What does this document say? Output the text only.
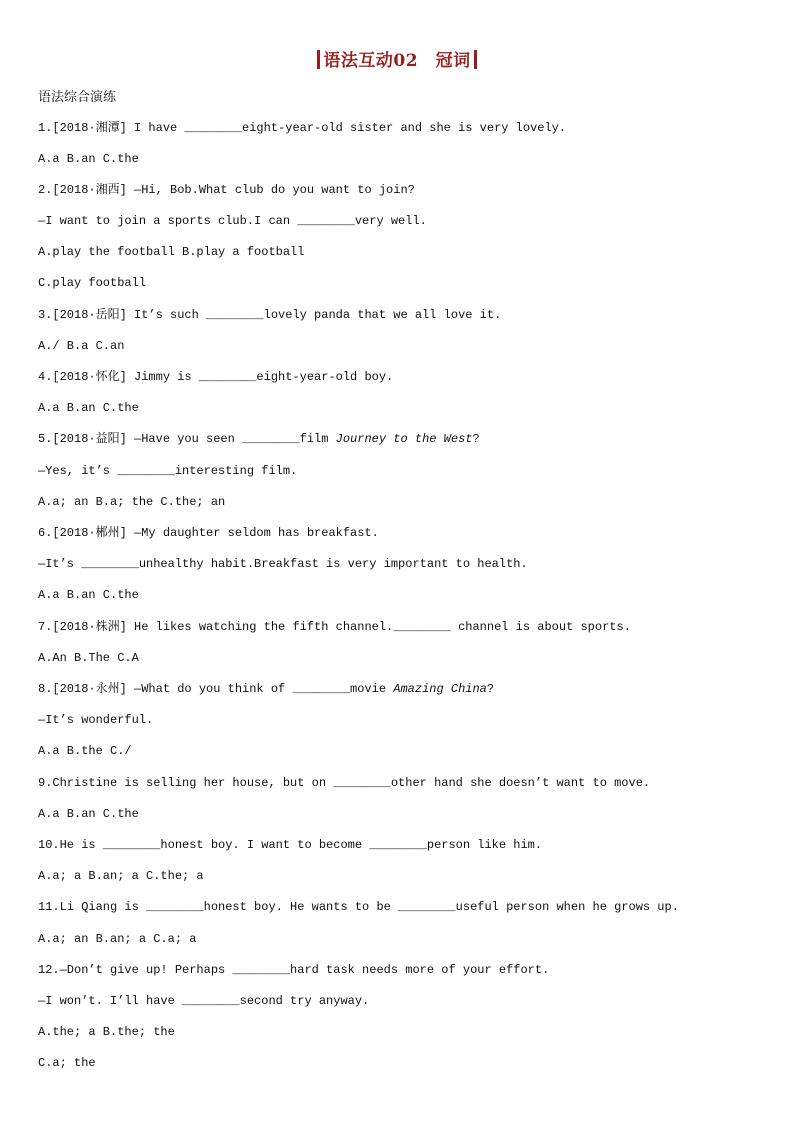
语法互动02　冠词
语法综合演练
1.[2018·湘潭] I have ________eight-year-old sister and she is very lovely.
A.a B.an C.the
2.[2018·湘西] —Hi, Bob.What club do you want to join?
—I want to join a sports club.I can ________very well.
A.play the football B.play a football
C.play football
3.[2018·岳阳] It’s such ________lovely panda that we all love it.
A./ B.a C.an
4.[2018·怀化] Jimmy is ________eight-year-old boy.
A.a B.an C.the
5.[2018·益阳] —Have you seen ________film Journey to the West?
—Yes, it’s ________interesting film.
A.a; an B.a; the C.the; an
6.[2018·郴州] —My daughter seldom has breakfast.
—It’s ________unhealthy habit.Breakfast is very important to health.
A.a B.an C.the
7.[2018·株洲] He likes watching the fifth channel.________ channel is about sports.
A.An B.The C.A
8.[2018·永州] —What do you think of ________movie Amazing China?
—It’s wonderful.
A.a B.the C./
9.Christine is selling her house, but on ________other hand she doesn’t want to move.
A.a B.an C.the
10.He is ________honest boy. I want to become ________person like him.
A.a; a B.an; a C.the; a
11.Li Qiang is ________honest boy. He wants to be ________useful person when he grows up.
A.a; an B.an; a C.a; a
12.—Don’t give up! Perhaps ________hard task needs more of your effort.
—I won’t. I’ll have ________second try anyway.
A.the; a B.the; the
C.a; the
